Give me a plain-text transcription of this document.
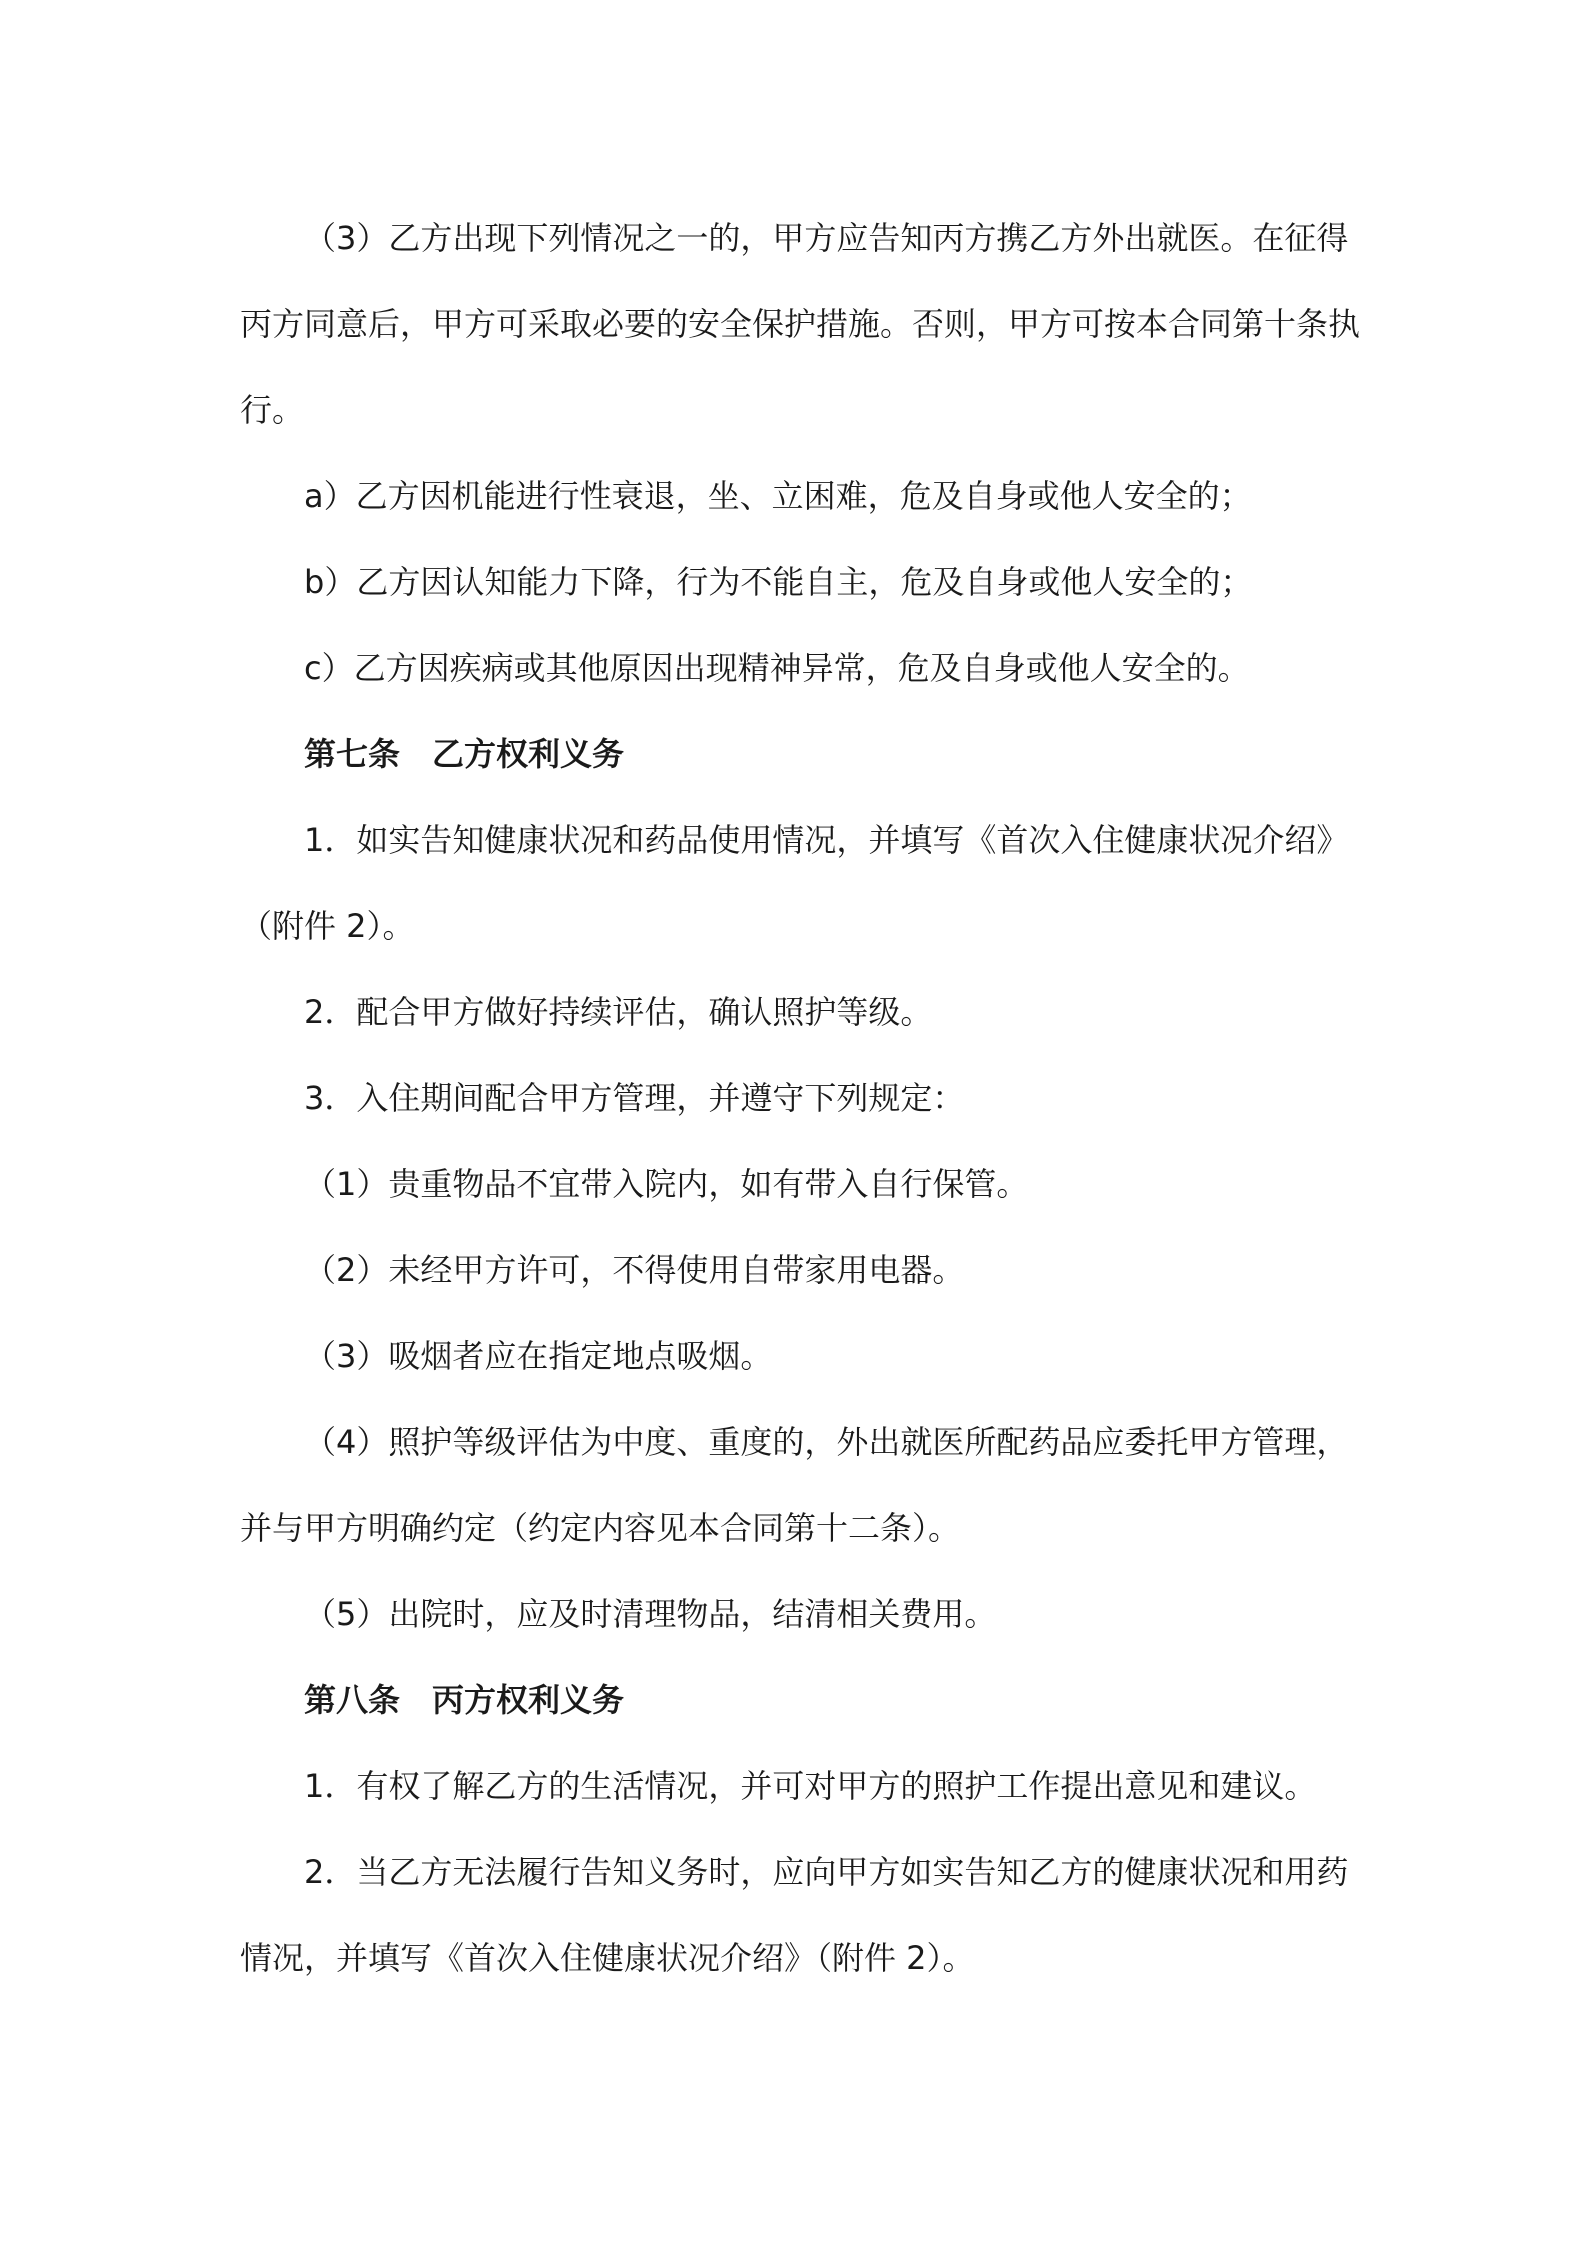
（3）乙方出现下列情况之一的，甲方应告知丙方携乙方外出就医。在征得丙方同意后，甲方可采取必要的安全保护措施。否则，甲方可按本合同第十条执行。

a）乙方因机能进行性衰退，坐、立困难，危及自身或他人安全的；

b）乙方因认知能力下降，行为不能自主，危及自身或他人安全的；

c）乙方因疾病或其他原因出现精神异常，危及自身或他人安全的。

第七条　乙方权利义务

1．如实告知健康状况和药品使用情况，并填写《首次入住健康状况介绍》（附件 2）。

2．配合甲方做好持续评估，确认照护等级。

3．入住期间配合甲方管理，并遵守下列规定：

（1）贵重物品不宜带入院内，如有带入自行保管。

（2）未经甲方许可，不得使用自带家用电器。

（3）吸烟者应在指定地点吸烟。

（4）照护等级评估为中度、重度的，外出就医所配药品应委托甲方管理，并与甲方明确约定（约定内容见本合同第十二条）。

（5）出院时，应及时清理物品，结清相关费用。

第八条　丙方权利义务

1．有权了解乙方的生活情况，并可对甲方的照护工作提出意见和建议。

2．当乙方无法履行告知义务时，应向甲方如实告知乙方的健康状况和用药情况，并填写《首次入住健康状况介绍》（附件 2）。
